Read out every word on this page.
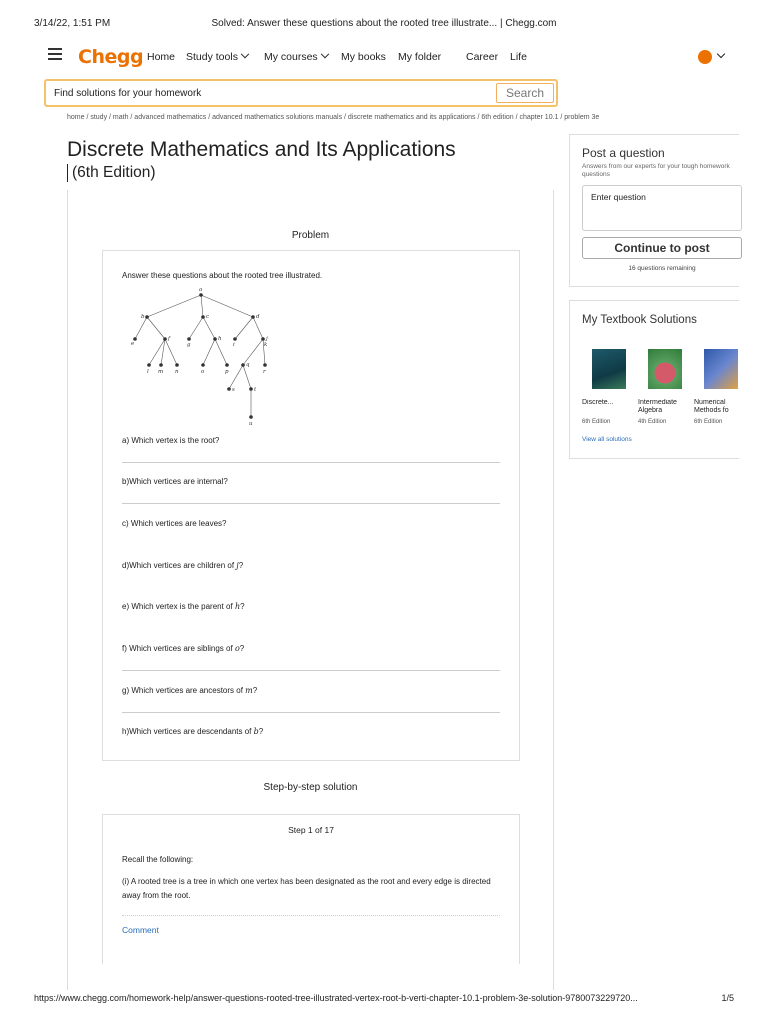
3/14/22, 1:51 PM	Solved: Answer these questions about the rooted tree illustrate... | Chegg.com
Chegg Home Study tools	My courses	My books My folder Career Life
Find solutions for your homework
Search
home / study / math / advanced mathematics / advanced mathematics solutions manuals / discrete mathematics and its applications / 6th edition / chapter 10.1 / problem 3e
Discrete Mathematics and Its Applications
(6th Edition)
Problem
Answer these questions about the rooted tree illustrated.
a
b	c	d
e
f
g
h
i
j
k
l m n	o	p
q
r
s	t
u
a) Which vertex is the root?
b)Which vertices are internal?
c) Which vertices are leaves?
d)Which vertices are children of j?
e) Which vertex is the parent of h?
f) Which vertices are siblings of o?
g) Which vertices are ancestors of m?
h)Which vertices are descendants of b?
Step-by-step solution
Step 1 of 17
Recall the following:
(i) A rooted tree is a tree in which one vertex has been designated as the root and every edge is directed away from the root.
Comment
Post a question
Answers from our experts for your tough homework questions
Enter question
Continue to post
16 questions remaining
My Textbook Solutions
Discrete...
6th Edition
Intermediate Algebra
4th Edition
Numerical Methods fo
6th Edition
View all solutions
https://www.chegg.com/homework-help/answer-questions-rooted-tree-illustrated-vertex-root-b-verti-chapter-10.1-problem-3e-solution-9780073229720...	1/5
